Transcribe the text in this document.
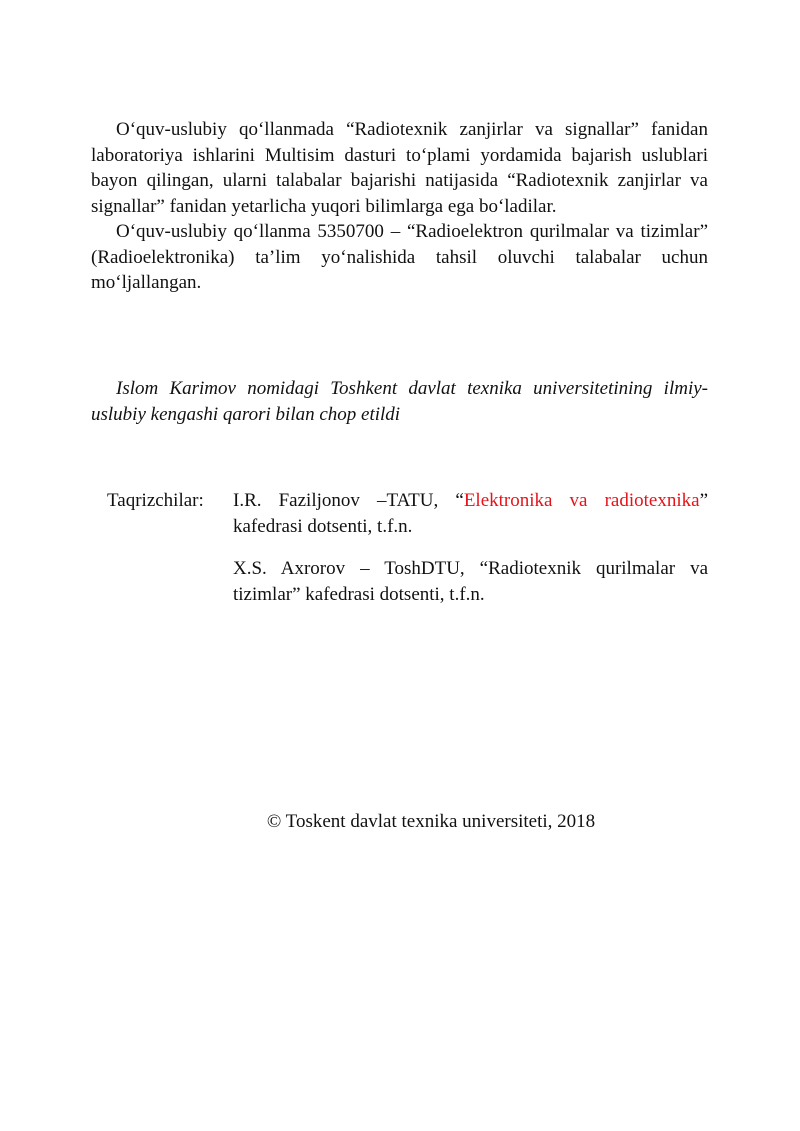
O‘quv-uslubiy qo‘llanmada “Radiotexnik zanjirlar va signallar” fanidan laboratoriya ishlarini Multisim dasturi to‘plami yordamida bajarish uslublari bayon qilingan, ularni talabalar bajarishi natijasida “Radiotexnik zanjirlar va signallar” fanidan yetarlicha yuqori bilimlarga ega bo‘ladilar.

O‘quv-uslubiy qo‘llanma 5350700 – “Radioelektron qurilmalar va tizimlar” (Radioelektronika) ta’lim yo‘nalishida tahsil oluvchi talabalar uchun mo‘ljallangan.

Islom Karimov nomidagi Toshkent davlat texnika universitetining ilmiy-uslubiy kengashi qarori bilan chop etildi

Taqrizchilar: I.R. Faziljonov –TATU, “Elektronika va radiotexnika”
kafedrasi dotsenti, t.f.n.
X.S. Axrorov – ToshDTU, “Radiotexnik qurilmalar va
tizimlar” kafedrasi dotsenti, t.f.n.
© Toskent davlat texnika universiteti, 2018
